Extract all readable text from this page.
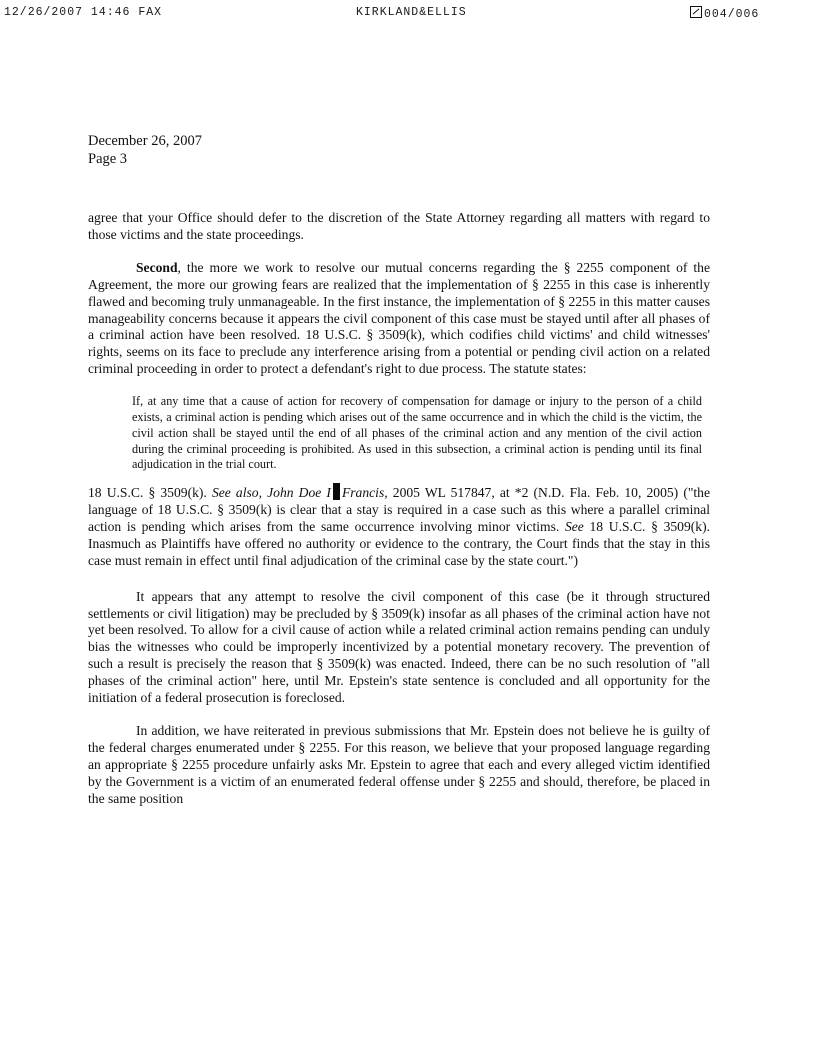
12/26/2007 14:46 FAX	KIRKLAND&ELLIS	004/006
December 26, 2007
Page 3

agree that your Office should defer to the discretion of the State Attorney regarding all matters with regard to those victims and the state proceedings.

Second, the more we work to resolve our mutual concerns regarding the § 2255 component of the Agreement, the more our growing fears are realized that the implementation of § 2255 in this case is inherently flawed and becoming truly unmanageable. In the first instance, the implementation of § 2255 in this matter causes manageability concerns because it appears the civil component of this case must be stayed until after all phases of a criminal action have been resolved. 18 U.S.C. § 3509(k), which codifies child victims' and child witnesses' rights, seems on its face to preclude any interference arising from a potential or pending civil action on a related criminal proceeding in order to protect a defendant's right to due process. The statute states:

If, at any time that a cause of action for recovery of compensation for damage or injury to the person of a child exists, a criminal action is pending which arises out of the same occurrence and in which the child is the victim, the civil action shall be stayed until the end of all phases of the criminal action and any mention of the civil action during the criminal proceeding is prohibited. As used in this subsection, a criminal action is pending until its final adjudication in the trial court.

18 U.S.C. § 3509(k). See also, John Doe I Francis, 2005 WL 517847, at *2 (N.D. Fla. Feb. 10, 2005) ("the language of 18 U.S.C. § 3509(k) is clear that a stay is required in a case such as this where a parallel criminal action is pending which arises from the same occurrence involving minor victims. See 18 U.S.C. § 3509(k). Inasmuch as Plaintiffs have offered no authority or evidence to the contrary, the Court finds that the stay in this case must remain in effect until final adjudication of the criminal case by the state court.")

It appears that any attempt to resolve the civil component of this case (be it through structured settlements or civil litigation) may be precluded by § 3509(k) insofar as all phases of the criminal action have not yet been resolved. To allow for a civil cause of action while a related criminal action remains pending can unduly bias the witnesses who could be improperly incentivized by a potential monetary recovery. The prevention of such a result is precisely the reason that § 3509(k) was enacted. Indeed, there can be no such resolution of "all phases of the criminal action" here, until Mr. Epstein's state sentence is concluded and all opportunity for the initiation of a federal prosecution is foreclosed.

In addition, we have reiterated in previous submissions that Mr. Epstein does not believe he is guilty of the federal charges enumerated under § 2255. For this reason, we believe that your proposed language regarding an appropriate § 2255 procedure unfairly asks Mr. Epstein to agree that each and every alleged victim identified by the Government is a victim of an enumerated federal offense under § 2255 and should, therefore, be placed in the same position
